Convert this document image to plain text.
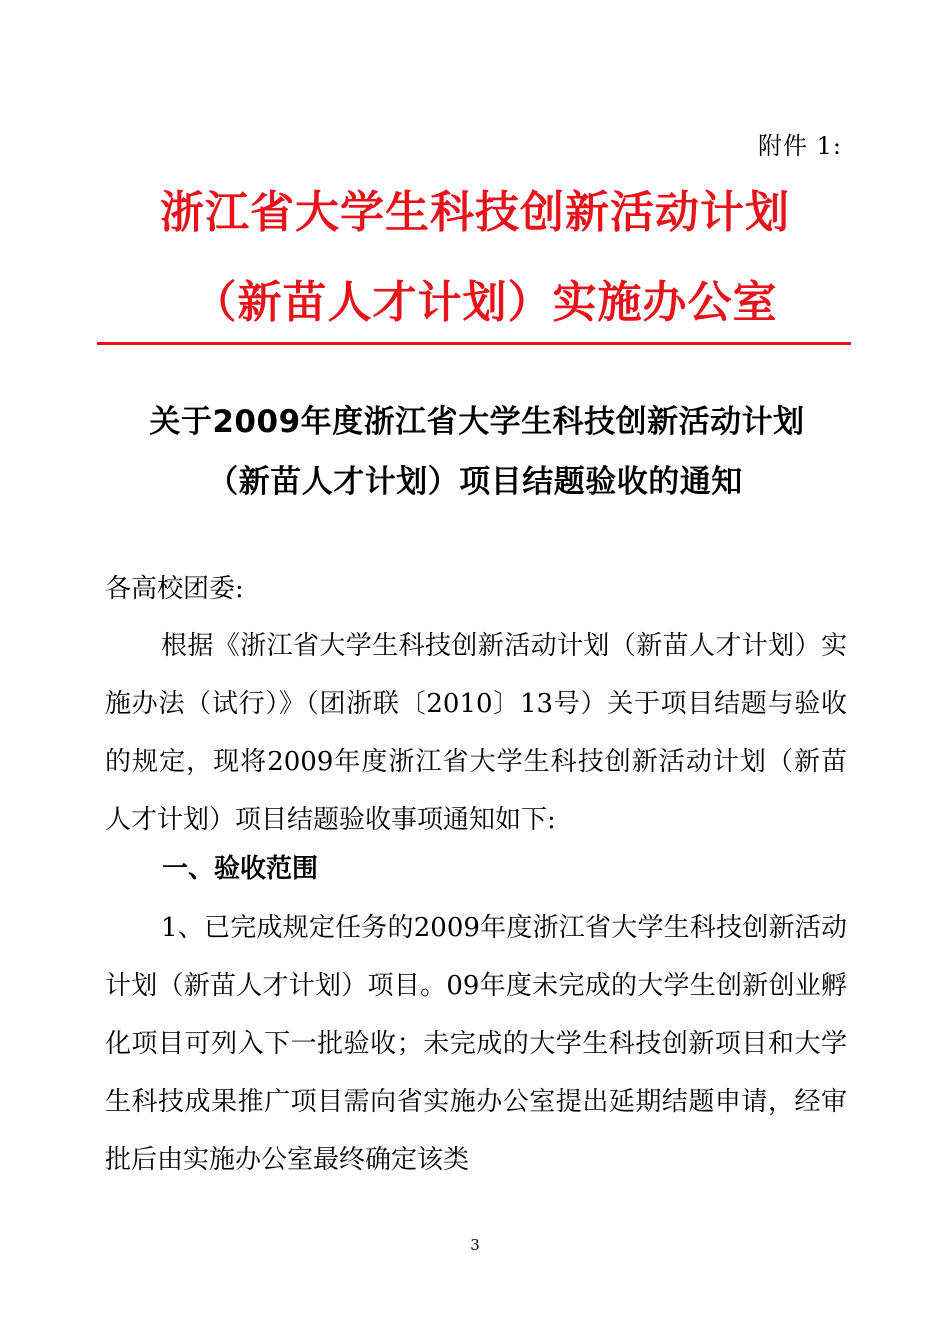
附件 1:
浙江省大学生科技创新活动计划
（新苗人才计划）实施办公室
关于2009年度浙江省大学生科技创新活动计划
（新苗人才计划）项目结题验收的通知
各高校团委:
根据《浙江省大学生科技创新活动计划（新苗人才计划）实施办法（试行）》（团浙联〔2010〕13号）关于项目结题与验收的规定，现将2009年度浙江省大学生科技创新活动计划（新苗人才计划）项目结题验收事项通知如下:
一、验收范围
1、已完成规定任务的2009年度浙江省大学生科技创新活动计划（新苗人才计划）项目。09年度未完成的大学生创新创业孵化项目可列入下一批验收；未完成的大学生科技创新项目和大学生科技成果推广项目需向省实施办公室提出延期结题申请，经审批后由实施办公室最终确定该类
3
